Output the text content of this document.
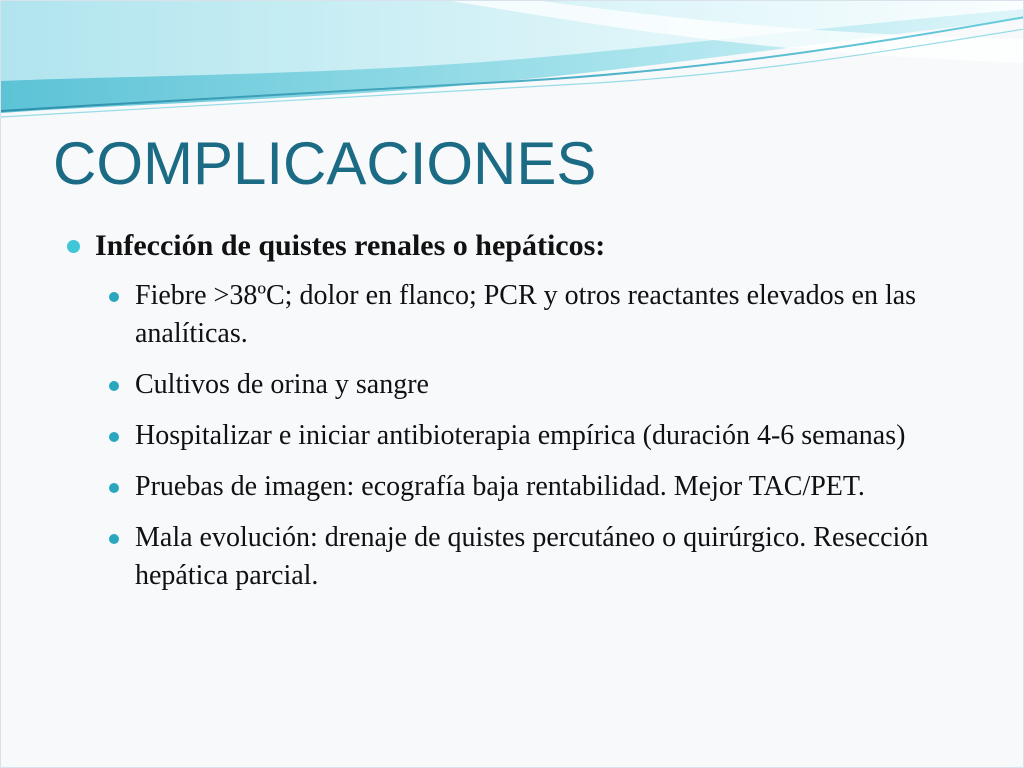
COMPLICACIONES
Infección de quistes renales o hepáticos:
Fiebre >38ºC; dolor en flanco; PCR y otros reactantes elevados en las analíticas.
Cultivos de orina y sangre
Hospitalizar e iniciar antibioterapia empírica (duración 4-6 semanas)
Pruebas de imagen: ecografía baja rentabilidad. Mejor TAC/PET.
Mala evolución: drenaje de quistes percutáneo o quirúrgico. Resección hepática parcial.
